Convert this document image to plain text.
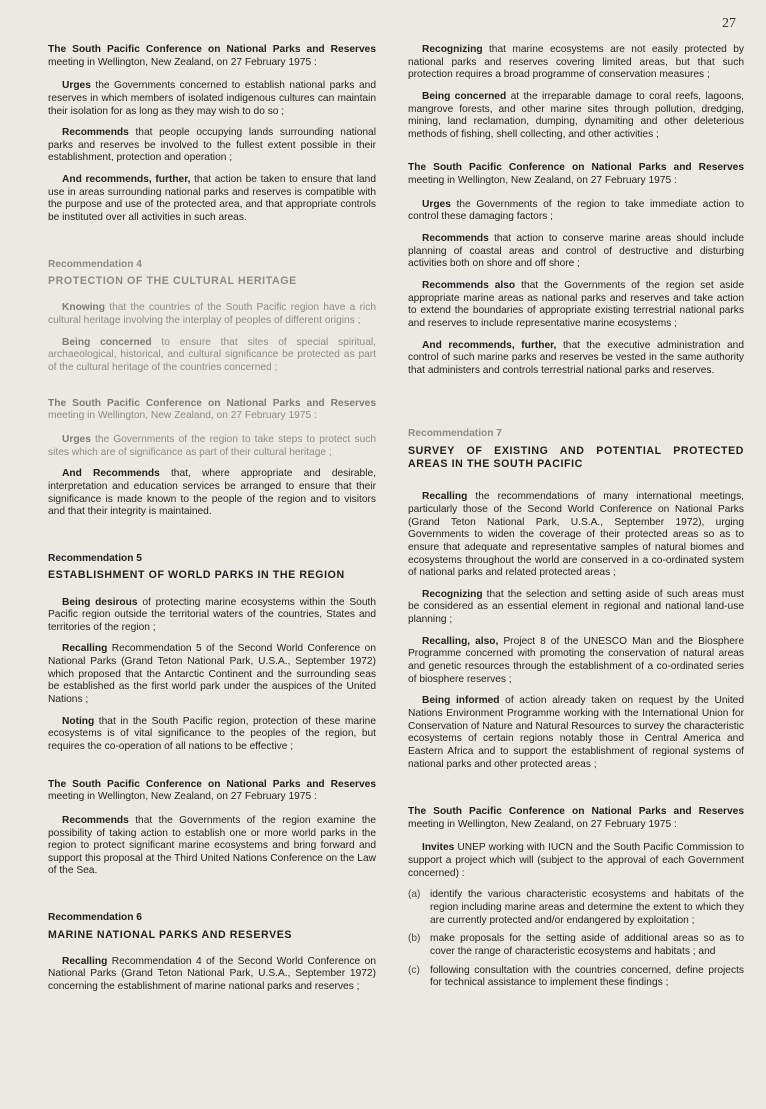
27

The South Pacific Conference on National Parks and Reserves meeting in Wellington, New Zealand, on 27 February 1975 :

Urges the Governments concerned to establish national parks and reserves in which members of isolated indigenous cultures can maintain their isolation for as long as they may wish to do so ;

Recommends that people occupying lands surrounding national parks and reserves be involved to the fullest extent possible in their establishment, protection and operation ;

And recommends, further, that action be taken to ensure that land use in areas surrounding national parks and reserves is compatible with the purpose and use of the protected area, and that appropriate controls be instituted over all activities in such areas.

Recommendation 4
PROTECTION OF THE CULTURAL HERITAGE

Knowing that the countries of the South Pacific region have a rich cultural heritage involving the interplay of peoples of different origins ;

Being concerned to ensure that sites of special spiritual, archaeological, historical, and cultural significance be protected as part of the cultural heritage of the countries concerned ;

The South Pacific Conference on National Parks and Reserves meeting in Wellington, New Zealand, on 27 February 1975 :

Urges the Governments of the region to take steps to protect such sites which are of significance as part of their cultural heritage ;

And Recommends that, where appropriate and desirable, interpretation and education services be arranged to ensure that their significance is made known to the people of the region and to visitors and that their integrity is maintained.

Recommendation 5
ESTABLISHMENT OF WORLD PARKS IN THE REGION

Being desirous of protecting marine ecosystems within the South Pacific region outside the territorial waters of the countries, States and territories of the region ;

Recalling Recommendation 5 of the Second World Conference on National Parks (Grand Teton National Park, U.S.A., September 1972) which proposed that the Antarctic Continent and the surrounding seas be established as the first world park under the auspices of the United Nations ;

Noting that in the South Pacific region, protection of these marine ecosystems is of vital significance to the peoples of the region, but requires the co-operation of all nations to be effective ;

The South Pacific Conference on National Parks and Reserves meeting in Wellington, New Zealand, on 27 February 1975 :

Recommends that the Governments of the region examine the possibility of taking action to establish one or more world parks in the region to protect significant marine ecosystems and bring forward and support this proposal at the Third United Nations Conference on the Law of the Sea.

Recommendation 6
MARINE NATIONAL PARKS AND RESERVES

Recalling Recommendation 4 of the Second World Conference on National Parks (Grand Teton National Park, U.S.A., September 1972) concerning the establishment of marine national parks and reserves ;

Recognizing that marine ecosystems are not easily protected by national parks and reserves covering limited areas, but that such protection requires a broad programme of conservation measures ;

Being concerned at the irreparable damage to coral reefs, lagoons, mangrove forests, and other marine sites through pollution, dredging, mining, land reclamation, dumping, dynamiting and other deleterious methods of fishing, shell collecting, and other activities ;

The South Pacific Conference on National Parks and Reserves meeting in Wellington, New Zealand, on 27 February 1975 :

Urges the Governments of the region to take immediate action to control these damaging factors ;

Recommends that action to conserve marine areas should include planning of coastal areas and control of destructive and disturbing activities both on shore and off shore ;

Recommends also that the Governments of the region set aside appropriate marine areas as national parks and reserves and take action to extend the boundaries of appropriate existing terrestrial national parks and reserves to include representative marine ecosystems ;

And recommends, further, that the executive administration and control of such marine parks and reserves be vested in the same authority that administers and controls terrestrial national parks and reserves.

Recommendation 7
SURVEY OF EXISTING AND POTENTIAL PROTECTED AREAS IN THE SOUTH PACIFIC

Recalling the recommendations of many international meetings, particularly those of the Second World Conference on National Parks (Grand Teton National Park, U.S.A., September 1972), urging Governments to widen the coverage of their protected areas so as to ensure that adequate and representative samples of natural biomes and ecosystems throughout the world are conserved in a co-ordinated system of national parks and related protected areas ;

Recognizing that the selection and setting aside of such areas must be considered as an essential element in regional and national land-use planning ;

Recalling, also, Project 8 of the UNESCO Man and the Biosphere Programme concerned with promoting the conservation of natural areas and genetic resources through the establishment of a co-ordinated series of biosphere reserves ;

Being informed of action already taken on request by the United Nations Environment Programme working with the International Union for Conservation of Nature and Natural Resources to survey the characteristic ecosystems of certain regions notably those in Central America and Eastern Africa and to support the establishment of regional systems of national parks and other protected areas ;

The South Pacific Conference on National Parks and Reserves meeting in Wellington, New Zealand, on 27 February 1975 :

Invites UNEP working with IUCN and the South Pacific Commission to support a project which will (subject to the approval of each Government concerned) :

(a) identify the various characteristic ecosystems and habitats of the region including marine areas and determine the extent to which they are currently protected and/or endangered by exploitation ;
(b) make proposals for the setting aside of additional areas so as to cover the range of characteristic ecosystems and habitats ; and
(c) following consultation with the countries concerned, define projects for technical assistance to implement these findings ;
